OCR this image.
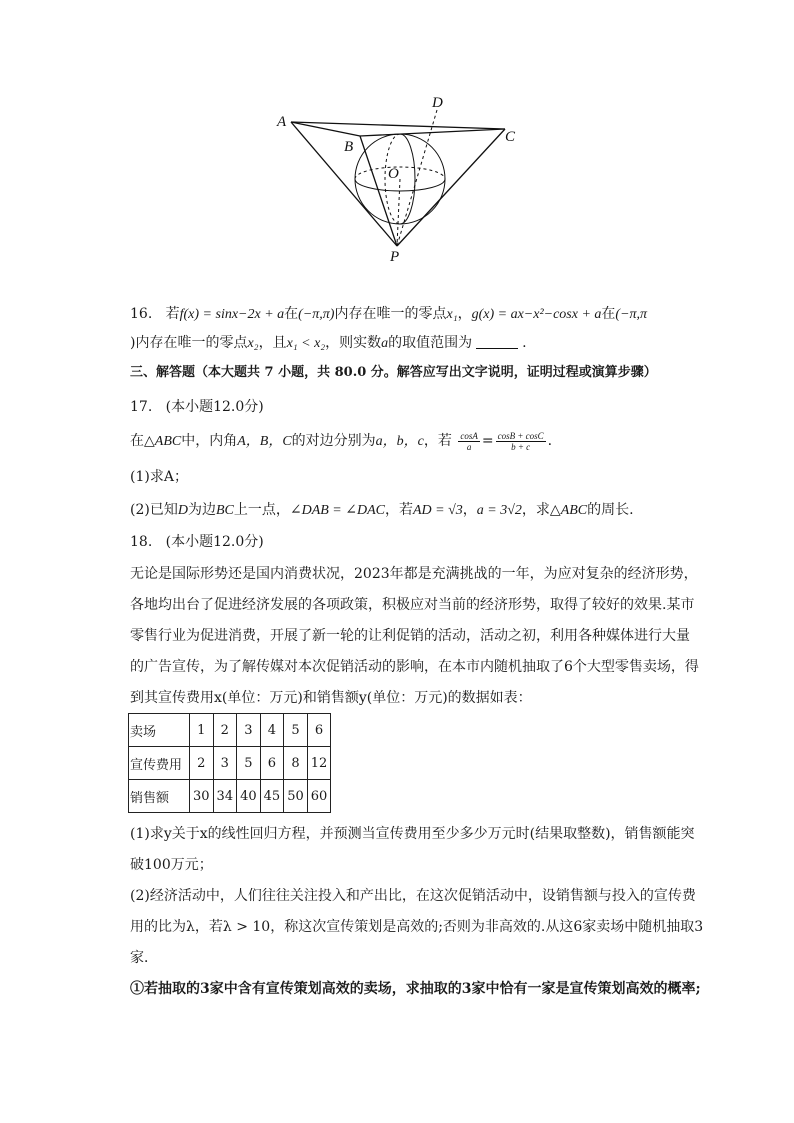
A
B
C
D
O
P
16. 若f(x) = sinx−2x + a在(−π,π)内存在唯一的零点x₁，g(x) = ax−x²−cosx + a在(−π,π
)内存在唯一的零点x₂，且x₁ < x₂，则实数a的取值范围为	.
三、解答题（本大题共 7 小题，共 80.0 分。解答应写出文字说明，证明过程或演算步骤）
17. (本小题12.0分)
在△ABC中，内角A，B，C的对边分别为a，b，c，若 $\frac{\cos A}{a} = \frac{\cos B + \cos C}{b + c}$ .
(1)求A；
(2)已知D为边BC上一点，∠DAB = ∠DAC，若AD = √3，a = 3√2，求△ABC的周长.
18. (本小题12.0分)
无论是国际形势还是国内消费状况，2023年都是充满挑战的一年，为应对复杂的经济形势，
各地均出台了促进经济发展的各项政策，积极应对当前的经济形势，取得了较好的效果.某市
零售行业为促进消费，开展了新一轮的让利促销的活动，活动之初，利用各种媒体进行大量
的广告宣传，为了解传媒对本次促销活动的影响，在本市内随机抽取了6个大型零售卖场，得
到其宣传费用x(单位：万元)和销售额y(单位：万元)的数据如表：
卖场	1	2	3	4	5	6
宣传费用	2	3	5	6	8	12
销售额	30	34	40	45	50	60
(1)求y关于x的线性回归方程，并预测当宣传费用至少多少万元时(结果取整数)，销售额能突
破100万元；
(2)经济活动中，人们往往关注投入和产出比，在这次促销活动中，设销售额与投入的宣传费
用的比为λ，若λ > 10，称这次宣传策划是高效的;否则为非高效的.从这6家卖场中随机抽取3
家．
①若抽取的3家中含有宣传策划高效的卖场，求抽取的3家中恰有一家是宣传策划高效的概率;
